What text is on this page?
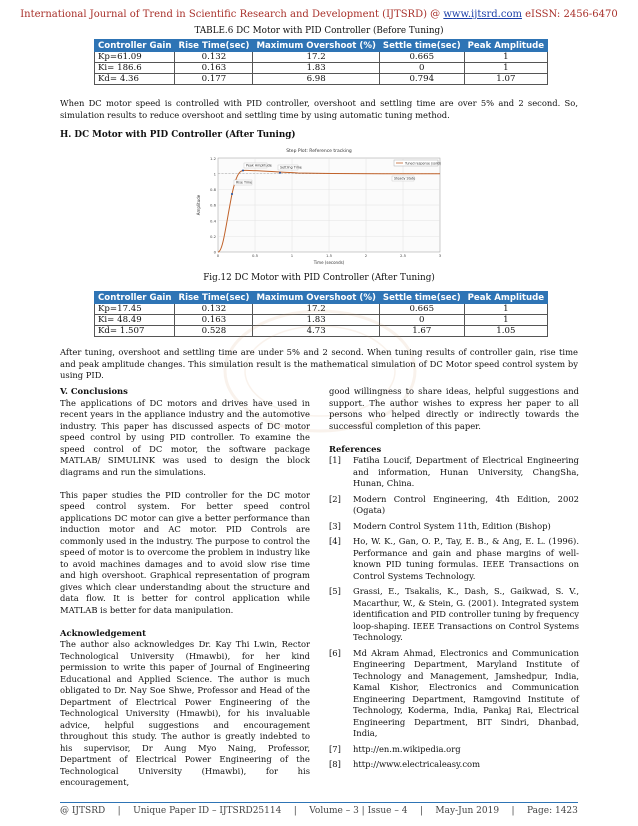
International Journal of Trend in Scientific Research and Development (IJTSRD) @ www.ijtsrd.com eISSN: 2456-6470
TABLE.6 DC Motor with PID Controller (Before Tuning)
Controller Gain	Rise Time(sec)	Maximum Overshoot (%)	Settle time(sec)	Peak Amplitude
Kp=61.09	0.132	17.2	0.665	1
Ki= 186.6	0.163	1.83	0	1
Kd= 4.36	0.177	6.98	0.794	1.07
When DC motor speed is controlled with PID controller, overshoot and settling time are over 5% and 2 second. So, simulation results to reduce overshoot and settling time by using automatic tuning method.
H. DC Motor with PID Controller (After Tuning)
Step Plot: Reference tracking
1.2
1
0.8
0.6
0.4
0.2
0
0	0.5	1	1.5	2	2.5	3
Time (seconds)
Amplitude
Tuned response (solid)
Peak Amplitude Settling Time
Rise Time
Steady State
Fig.12 DC Motor with PID Controller (After Tuning)
Controller Gain	Rise Time(sec)	Maximum Overshoot (%)	Settle time(sec)	Peak Amplitude
Kp=17.45	0.132	17.2	0.665	1
Ki= 48.49	0.163	1.83	0	1
Kd= 1.507	0.528	4.73	1.67	1.05
After tuning, overshoot and settling time are under 5% and 2 second. When tuning results of controller gain, rise time and peak amplitude changes. This simulation result is the mathematical simulation of DC Motor speed control system by using PID.

V. Conclusions

The applications of DC motors and drives have used in recent years in the appliance industry and the automotive industry. This paper has discussed aspects of DC motor speed control by using PID controller. To examine the speed control of DC motor, the software package MATLAB/ SIMULINK was used to design the block diagrams and run the simulations.

This paper studies the PID controller for the DC motor speed control system. For better speed control applications DC motor can give a better performance than induction motor and AC motor. PID Controls are commonly used in the industry. The purpose to control the speed of motor is to overcome the problem in industry like to avoid machines damages and to avoid slow rise time and high overshoot. Graphical representation of program gives which clear understanding about the structure and data flow. It is better for control application while MATLAB is better for data manipulation.

Acknowledgement

The author also acknowledges Dr. Kay Thi Lwin, Rector Technological University (Hmawbi), for her kind permission to write this paper of Journal of Engineering Educational and Applied Science. The author is much obligated to Dr. Nay Soe Shwe, Professor and Head of the Department of Electrical Power Engineering of the Technological University (Hmawbi), for his invaluable advice, helpful suggestions and encouragement throughout this study. The author is greatly indebted to his supervisor, Dr Aung Myo Naing, Professor, Department of Electrical Power Engineering of the Technological University (Hmawbi), for his encouragement,

good willingness to share ideas, helpful suggestions and support. The author wishes to express her paper to all persons who helped directly or indirectly towards the successful completion of this paper.

References

[1]	Fatiha Loucif, Department of Electrical Engineering and information, Hunan University, ChangSha, Hunan, China.
[2]	Modern Control Engineering, 4th Edition, 2002 (Ogata)
[3]	Modern Control System 11th, Edition (Bishop)
[4]	Ho, W. K., Gan, O. P., Tay, E. B., & Ang, E. L. (1996). Performance and gain and phase margins of well-known PID tuning formulas. IEEE Transactions on Control Systems Technology.
[5]	Grassi, E., Tsakalis, K., Dash, S., Gaikwad, S. V., Macarthur, W., & Stein, G. (2001). Integrated system identification and PID controller tuning by frequency loop-shaping. IEEE Transactions on Control Systems Technology.
[6]	Md Akram Ahmad, Electronics and Communication Engineering Department, Maryland Institute of Technology and Management, Jamshedpur, India, Kamal Kishor, Electronics and Communication Engineering Department, Ramgovind Institute of Technology, Koderma, India, Pankaj Rai, Electrical Engineering Department, BIT Sindri, Dhanbad, India,
[7]	http://en.m.wikipedia.org
[8]	http://www.electricaleasy.com
@ IJTSRD | Unique Paper ID – IJTSRD25114 | Volume – 3 | Issue – 4 | May-Jun 2019 | Page: 1423
